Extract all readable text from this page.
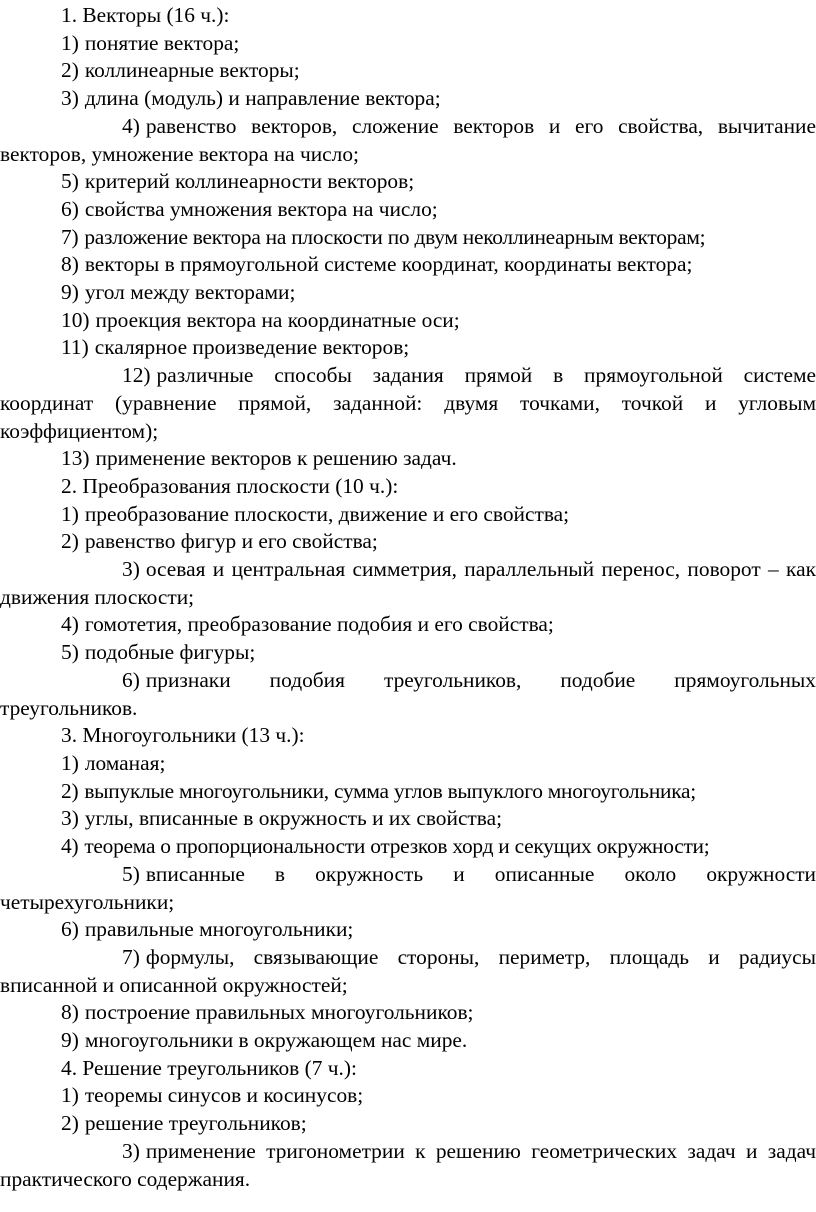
1. Векторы (16 ч.):

1) понятие вектора;

2) коллинеарные векторы;

3) длина (модуль) и направление вектора;

4) равенство векторов, сложение векторов и его свойства, вычитание векторов, умножение вектора на число;

5) критерий коллинеарности векторов;

6) свойства умножения вектора на число;

7) разложение вектора на плоскости по двум неколлинеарным векторам;

8) векторы в прямоугольной системе координат, координаты вектора;

9) угол между векторами;

10) проекция вектора на координатные оси;

11) скалярное произведение векторов;

12) различные способы задания прямой в прямоугольной системе координат (уравнение прямой, заданной: двумя точками, точкой и угловым коэффициентом);

13) применение векторов к решению задач.

2. Преобразования плоскости (10 ч.):

1) преобразование плоскости, движение и его свойства;

2) равенство фигур и его свойства;

3) осевая и центральная симметрия, параллельный перенос, поворот – как движения плоскости;

4) гомотетия, преобразование подобия и его свойства;

5) подобные фигуры;

6) признаки подобия треугольников, подобие прямоугольных треугольников.

3. Многоугольники (13 ч.):

1) ломаная;

2) выпуклые многоугольники, сумма углов выпуклого многоугольника;

3) углы, вписанные в окружность и их свойства;

4) теорема о пропорциональности отрезков хорд и секущих окружности;

5) вписанные в окружность и описанные около окружности четырехугольники;

6) правильные многоугольники;

7) формулы, связывающие стороны, периметр, площадь и радиусы вписанной и описанной окружностей;

8) построение правильных многоугольников;

9) многоугольники в окружающем нас мире.

4. Решение треугольников (7 ч.):

1) теоремы синусов и косинусов;

2) решение треугольников;

3) применение тригонометрии к решению геометрических задач и задач практического содержания.
